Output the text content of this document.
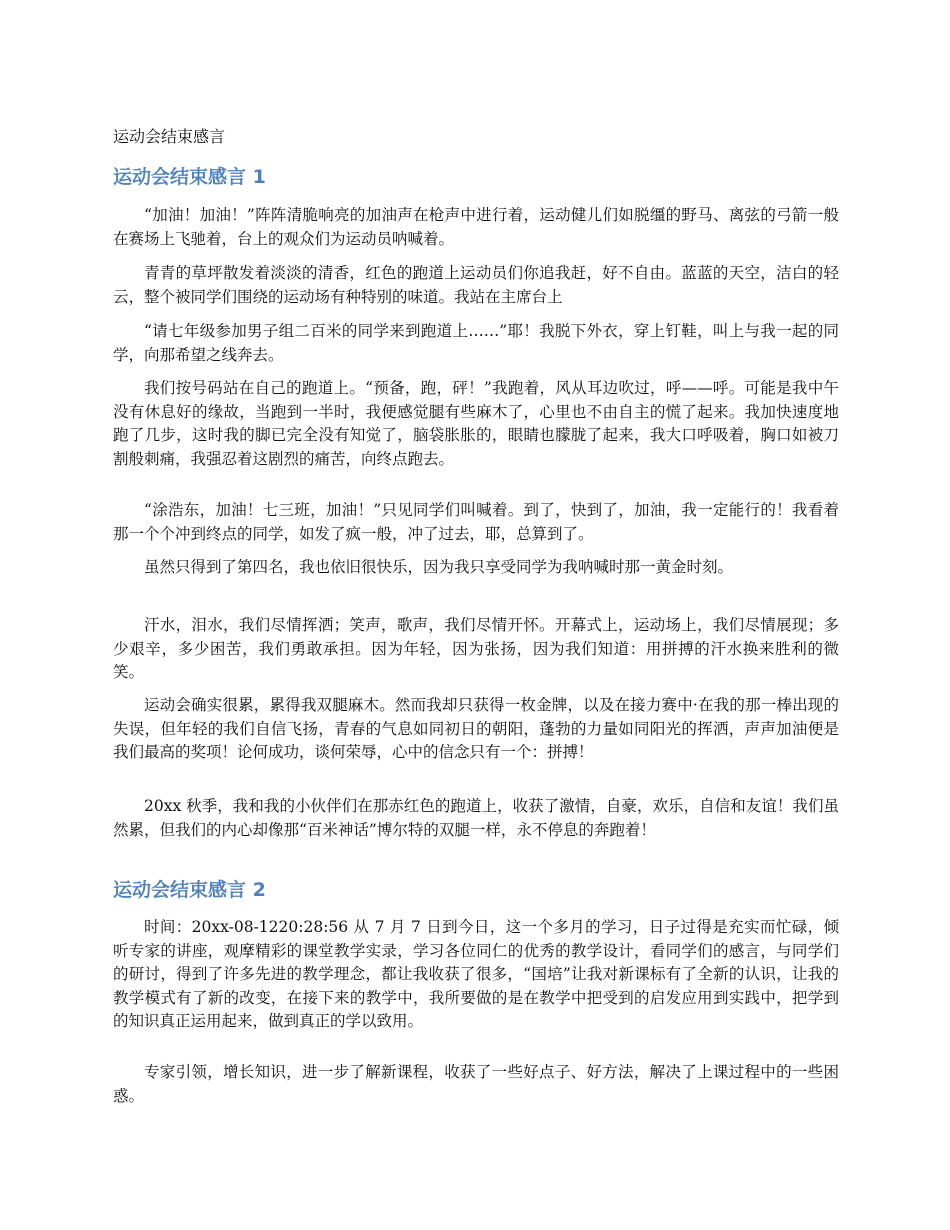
运动会结束感言
运动会结束感言 1

“加油！加油！”阵阵清脆响亮的加油声在枪声中进行着，运动健儿们如脱缰的野马、离弦的弓箭一般在赛场上飞驰着，台上的观众们为运动员呐喊着。

青青的草坪散发着淡淡的清香，红色的跑道上运动员们你追我赶，好不自由。蓝蓝的天空，洁白的轻云，整个被同学们围绕的运动场有种特别的味道。我站在主席台上

“请七年级参加男子组二百米的同学来到跑道上……”耶！我脱下外衣，穿上钉鞋，叫上与我一起的同学，向那希望之线奔去。

我们按号码站在自己的跑道上。“预备，跑，砰！”我跑着，风从耳边吹过，呼——呼。可能是我中午没有休息好的缘故，当跑到一半时，我便感觉腿有些麻木了，心里也不由自主的慌了起来。我加快速度地跑了几步，这时我的脚已完全没有知觉了，脑袋胀胀的，眼睛也朦胧了起来，我大口呼吸着，胸口如被刀割般刺痛，我强忍着这剧烈的痛苦，向终点跑去。

“涂浩东，加油！七三班，加油！”只见同学们叫喊着。到了，快到了，加油，我一定能行的！我看着那一个个冲到终点的同学，如发了疯一般，冲了过去，耶，总算到了。

虽然只得到了第四名，我也依旧很快乐，因为我只享受同学为我呐喊时那一黄金时刻。

汗水，泪水，我们尽情挥洒；笑声，歌声，我们尽情开怀。开幕式上，运动场上，我们尽情展现；多少艰辛，多少困苦，我们勇敢承担。因为年轻，因为张扬，因为我们知道：用拼搏的汗水换来胜利的微笑。

运动会确实很累，累得我双腿麻木。然而我却只获得一枚金牌，以及在接力赛中·在我的那一棒出现的失误，但年轻的我们自信飞扬，青春的气息如同初日的朝阳，蓬勃的力量如同阳光的挥洒，声声加油便是我们最高的奖项！论何成功，谈何荣辱，心中的信念只有一个：拼搏！

20xx 秋季，我和我的小伙伴们在那赤红色的跑道上，收获了激情，自豪，欢乐，自信和友谊！我们虽然累，但我们的内心却像那“百米神话”博尔特的双腿一样，永不停息的奔跑着！

运动会结束感言 2

时间：20xx-08-1220:28:56 从 7 月 7 日到今日，这一个多月的学习，日子过得是充实而忙碌，倾听专家的讲座，观摩精彩的课堂教学实录，学习各位同仁的优秀的教学设计，看同学们的感言，与同学们的研讨，得到了许多先进的教学理念，都让我收获了很多，“国培”让我对新课标有了全新的认识，让我的教学模式有了新的改变，在接下来的教学中，我所要做的是在教学中把受到的启发应用到实践中，把学到的知识真正运用起来，做到真正的学以致用。

专家引领，增长知识，进一步了解新课程，收获了一些好点子、好方法，解决了上课过程中的一些困惑。
